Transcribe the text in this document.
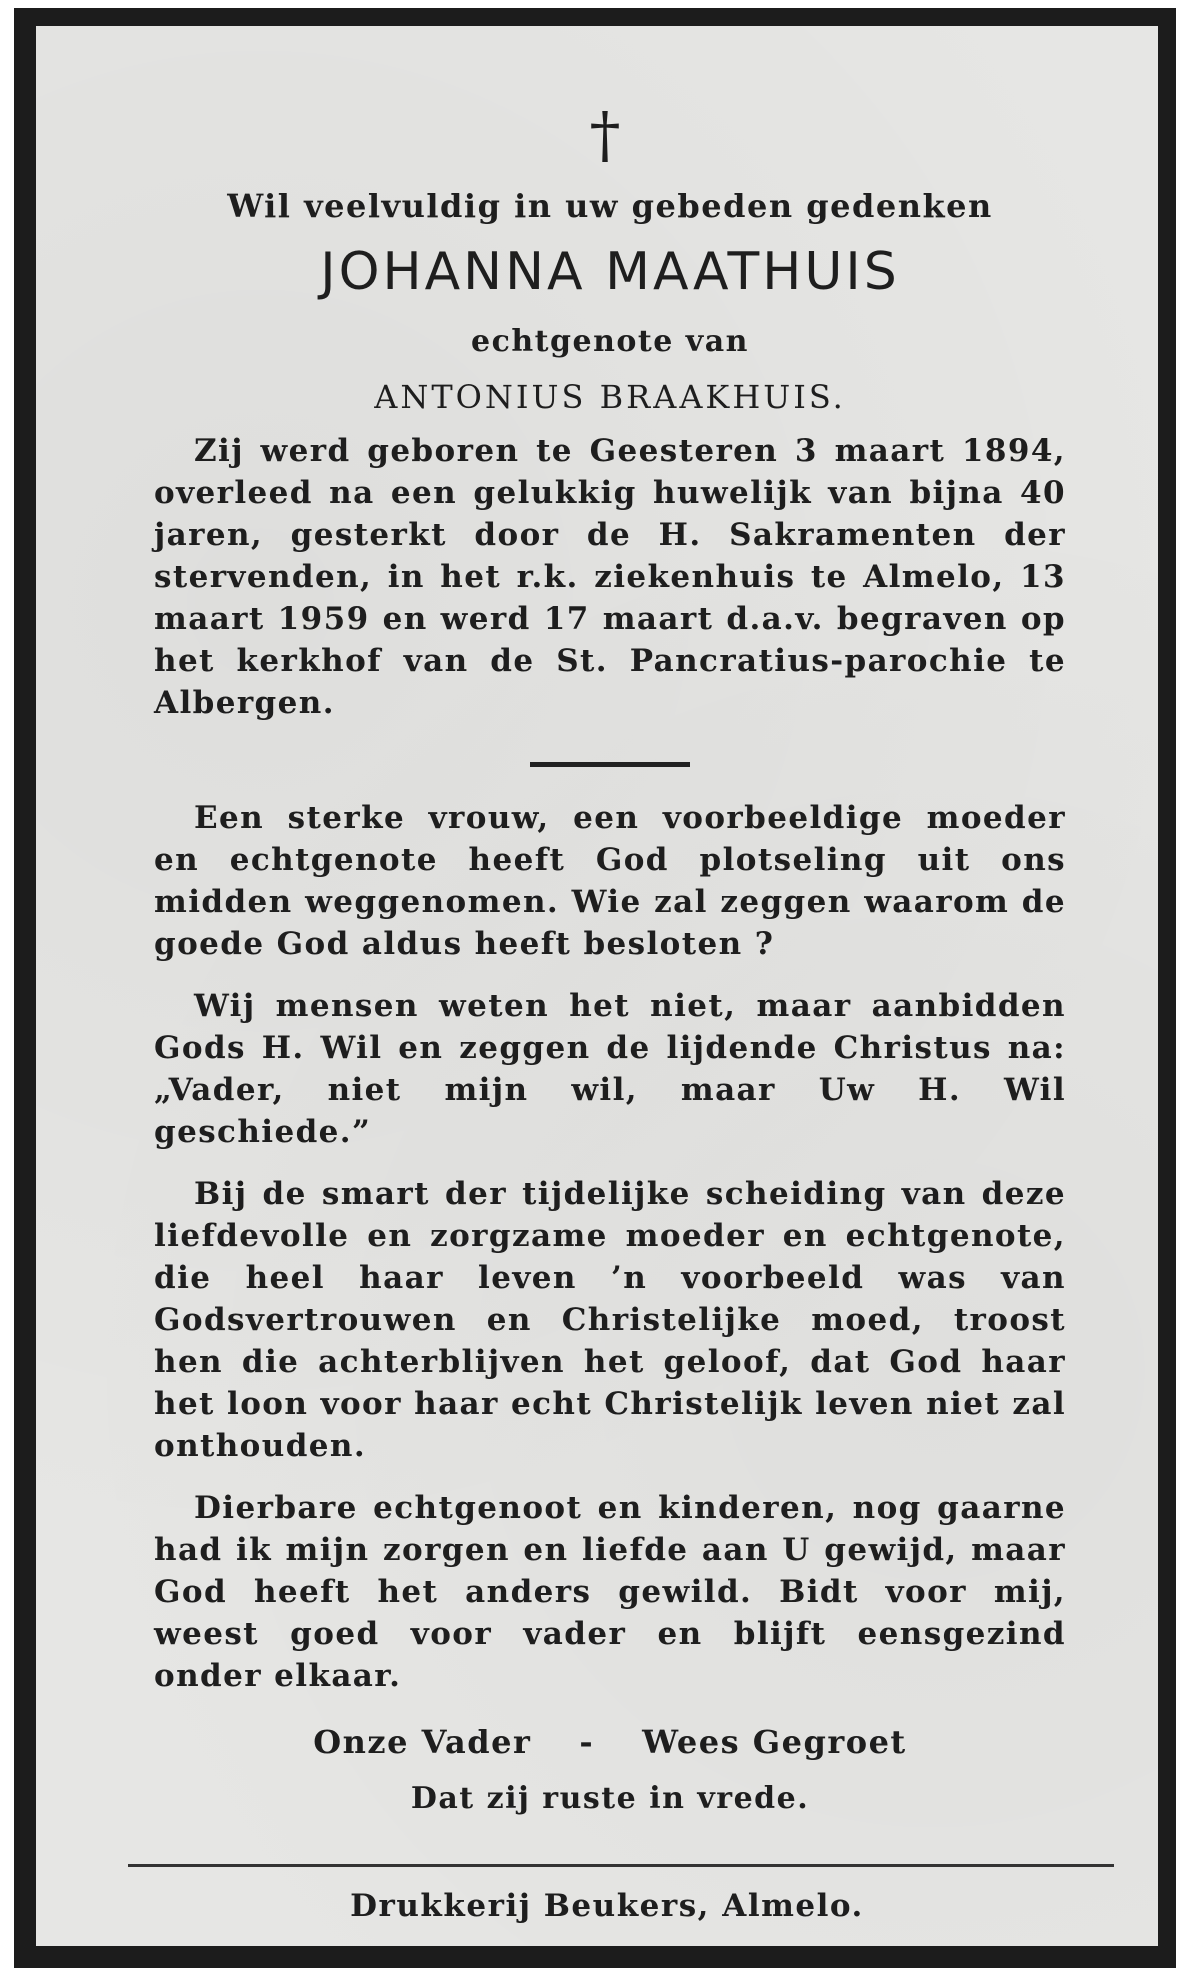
†
Wil veelvuldig in uw gebeden gedenken
JOHANNA MAATHUIS
echtgenote van
ANTONIUS BRAAKHUIS.

Zij werd geboren te Geesteren 3 maart 1894, overleed na een gelukkig huwelijk van bijna 40 jaren, gesterkt door de H. Sakramenten der stervenden, in het r.k. ziekenhuis te Almelo, 13 maart 1959 en werd 17 maart d.a.v. begraven op het kerkhof van de St. Pancratius-parochie te Albergen.

Een sterke vrouw, een voorbeeldige moeder en echtgenote heeft God plotseling uit ons midden weggenomen. Wie zal zeggen waarom de goede God aldus heeft besloten ?

Wij mensen weten het niet, maar aanbidden Gods H. Wil en zeggen de lijdende Christus na: „Vader, niet mijn wil, maar Uw H. Wil geschiede.”

Bij de smart der tijdelijke scheiding van deze liefdevolle en zorgzame moeder en echtgenote, die heel haar leven ’n voorbeeld was van Godsvertrouwen en Christelijke moed, troost hen die achterblijven het geloof, dat God haar het loon voor haar echt Christelijk leven niet zal onthouden.

Dierbare echtgenoot en kinderen, nog gaarne had ik mijn zorgen en liefde aan U gewijd, maar God heeft het anders gewild. Bidt voor mij, weest goed voor vader en blijft eensgezind onder elkaar.

Onze Vader - Wees Gegroet
Dat zij ruste in vrede.
Drukkerij Beukers, Almelo.
